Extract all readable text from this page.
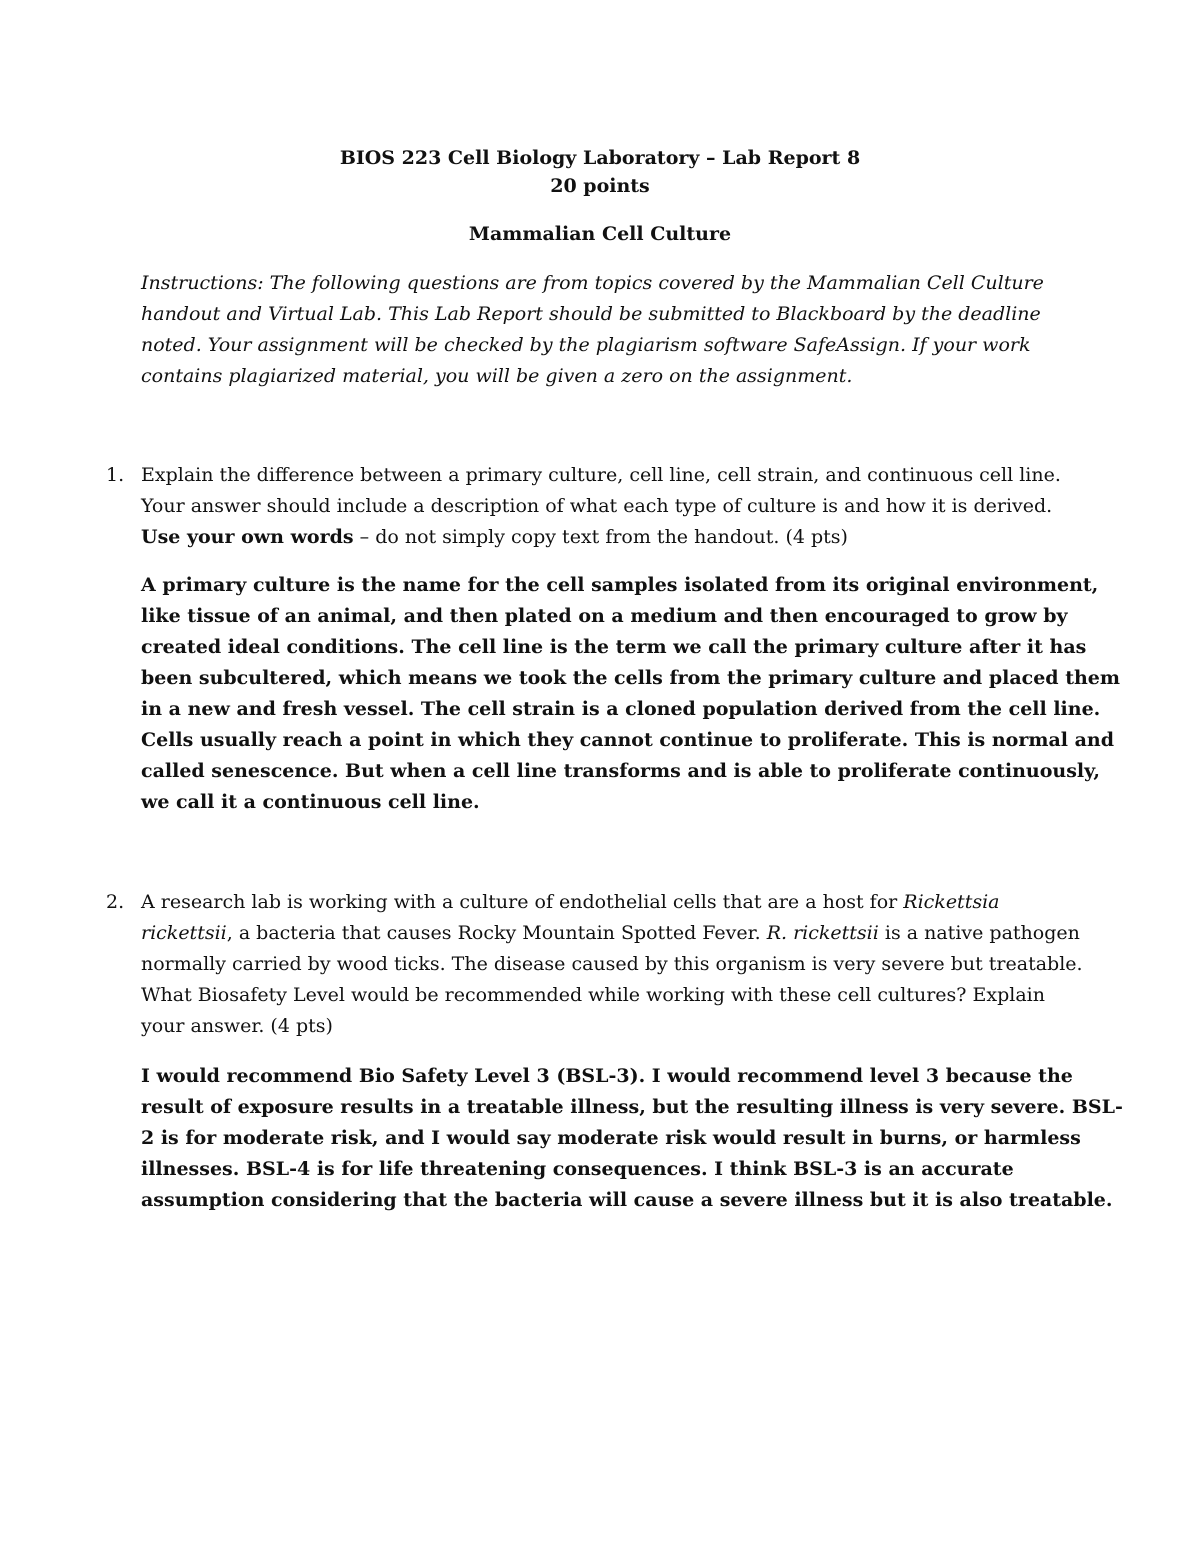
BIOS 223 Cell Biology Laboratory – Lab Report 8
20 points
Mammalian Cell Culture
Instructions: The following questions are from topics covered by the Mammalian Cell Culture
handout and Virtual Lab. This Lab Report should be submitted to Blackboard by the deadline
noted. Your assignment will be checked by the plagiarism software SafeAssign. If your work
contains plagiarized material, you will be given a zero on the assignment.
1. Explain the difference between a primary culture, cell line, cell strain, and continuous cell line.
Your answer should include a description of what each type of culture is and how it is derived.
Use your own words – do not simply copy text from the handout. (4 pts)
A primary culture is the name for the cell samples isolated from its original environment,
like tissue of an animal, and then plated on a medium and then encouraged to grow by
created ideal conditions. The cell line is the term we call the primary culture after it has
been subcultered, which means we took the cells from the primary culture and placed them
in a new and fresh vessel. The cell strain is a cloned population derived from the cell line.
Cells usually reach a point in which they cannot continue to proliferate. This is normal and
called senescence. But when a cell line transforms and is able to proliferate continuously,
we call it a continuous cell line.
2. A research lab is working with a culture of endothelial cells that are a host for Rickettsia
rickettsii, a bacteria that causes Rocky Mountain Spotted Fever. R. rickettsii is a native pathogen
normally carried by wood ticks. The disease caused by this organism is very severe but treatable.
What Biosafety Level would be recommended while working with these cell cultures? Explain
your answer. (4 pts)
I would recommend Bio Safety Level 3 (BSL-3). I would recommend level 3 because the
result of exposure results in a treatable illness, but the resulting illness is very severe. BSL-
2 is for moderate risk, and I would say moderate risk would result in burns, or harmless
illnesses. BSL-4 is for life threatening consequences. I think BSL-3 is an accurate
assumption considering that the bacteria will cause a severe illness but it is also treatable.
